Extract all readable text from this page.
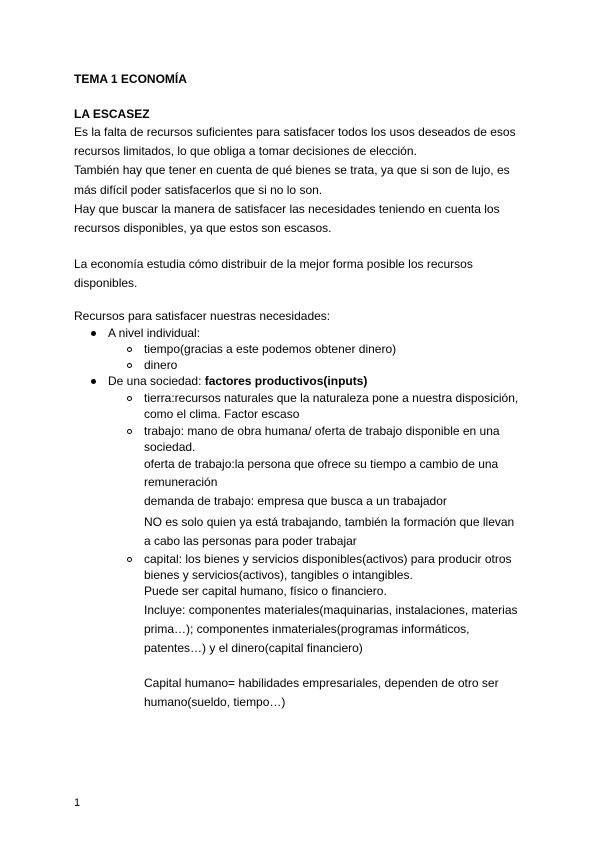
TEMA 1 ECONOMÍA
LA ESCASEZ
Es la falta de recursos suficientes para satisfacer todos los usos deseados de esos
recursos limitados, lo que obliga a tomar decisiones de elección.
También hay que tener en cuenta de qué bienes se trata, ya que si son de lujo, es
más difícil poder satisfacerlos que si no lo son.
Hay que buscar la manera de satisfacer las necesidades teniendo en cuenta los
recursos disponibles, ya que estos son escasos.
La economía estudia cómo distribuir de la mejor forma posible los recursos
disponibles.
Recursos para satisfacer nuestras necesidades:
A nivel individual:
tiempo(gracias a este podemos obtener dinero)
dinero
De una sociedad: factores productivos(inputs)
tierra:recursos naturales que la naturaleza pone a nuestra disposición,
como el clima. Factor escaso
trabajo: mano de obra humana/ oferta de trabajo disponible en una
sociedad.
oferta de trabajo:la persona que ofrece su tiempo a cambio de una
remuneración
demanda de trabajo: empresa que busca a un trabajador
NO es solo quien ya está trabajando, también la formación que llevan
a cabo las personas para poder trabajar
capital: los bienes y servicios disponibles(activos) para producir otros
bienes y servicios(activos), tangibles o intangibles.
Puede ser capital humano, físico o financiero.
Incluye: componentes materiales(maquinarias, instalaciones, materias
prima…); componentes inmateriales(programas informáticos,
patentes…) y el dinero(capital financiero)
Capital humano= habilidades empresariales, dependen de otro ser
humano(sueldo, tiempo…)
1
